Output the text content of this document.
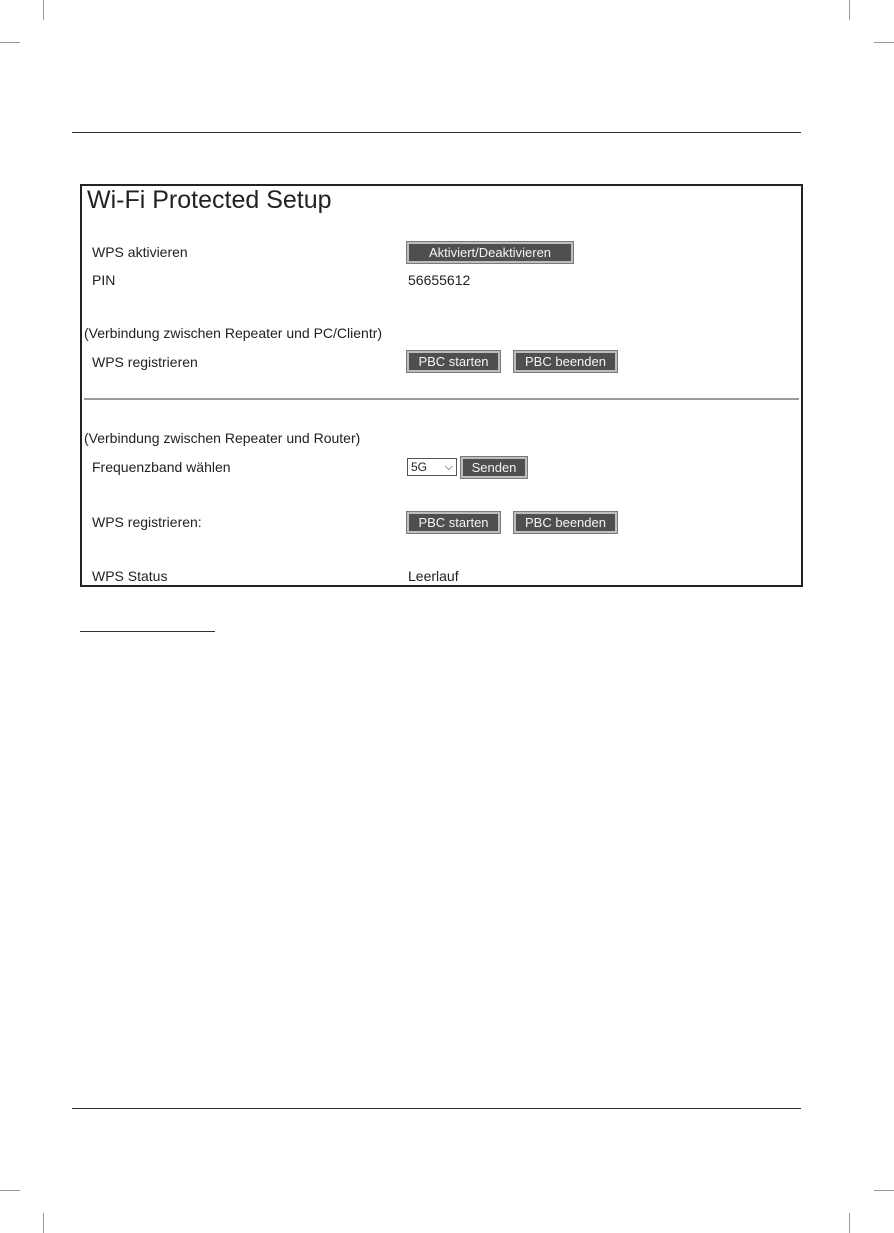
Wi-Fi Protected Setup
WPS aktivieren	Aktiviert/Deaktivieren
PIN	56655612
(Verbindung zwischen Repeater und PC/Clientr)
WPS registrieren	PBC starten	PBC beenden
(Verbindung zwischen Repeater und Router)
Frequenzband wählen	5G ⌵	Senden
WPS registrieren:	PBC starten	PBC beenden
WPS Status	Leerlauf
